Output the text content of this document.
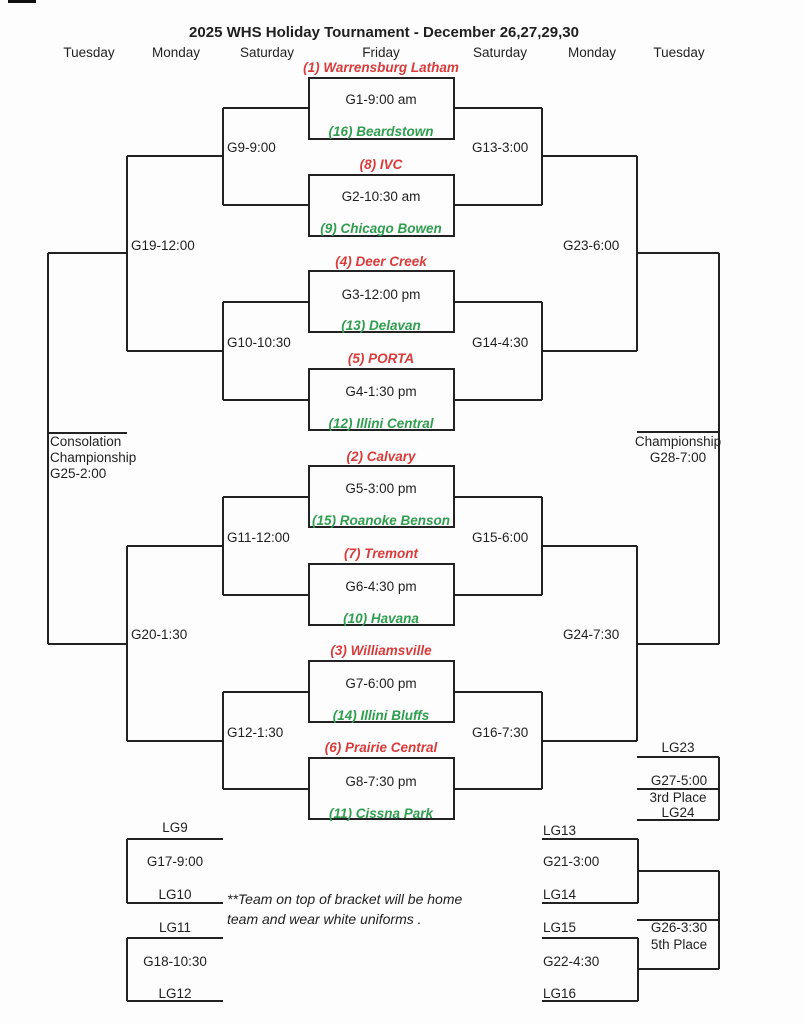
2025 WHS Holiday Tournament - December 26,27,29,30
Tuesday	Monday	Saturday	Friday	Saturday	Monday	Tuesday
(1) Warrensburg Latham
G1-9:00 am
(16) Beardstown
(8) IVC
G2-10:30 am
(9) Chicago Bowen
(4) Deer Creek
G3-12:00 pm
(13) Delavan
(5) PORTA
G4-1:30 pm
(12) Illini Central
(2) Calvary
G5-3:00 pm
(15) Roanoke Benson
(7) Tremont
G6-4:30 pm
(10) Havana
(3) Williamsville
G7-6:00 pm
(14) Illini Bluffs
(6) Prairie Central
G8-7:30 pm
(11) Cissna Park
G9-9:00
G10-10:30
G11-12:00
G12-1:30
G13-3:00
G14-4:30
G15-6:00
G16-7:30
G19-12:00
G20-1:30
G23-6:00
G24-7:30
Consolation
Championship
G25-2:00
Championship
G28-7:00
LG9
G17-9:00
LG10
LG11
G18-10:30
LG12
LG13
G21-3:00
LG14
LG15
G22-4:30
LG16
LG23
G27-5:00
3rd Place
LG24
G26-3:30
5th Place
**Team on top of bracket will be home
team and wear white uniforms .
